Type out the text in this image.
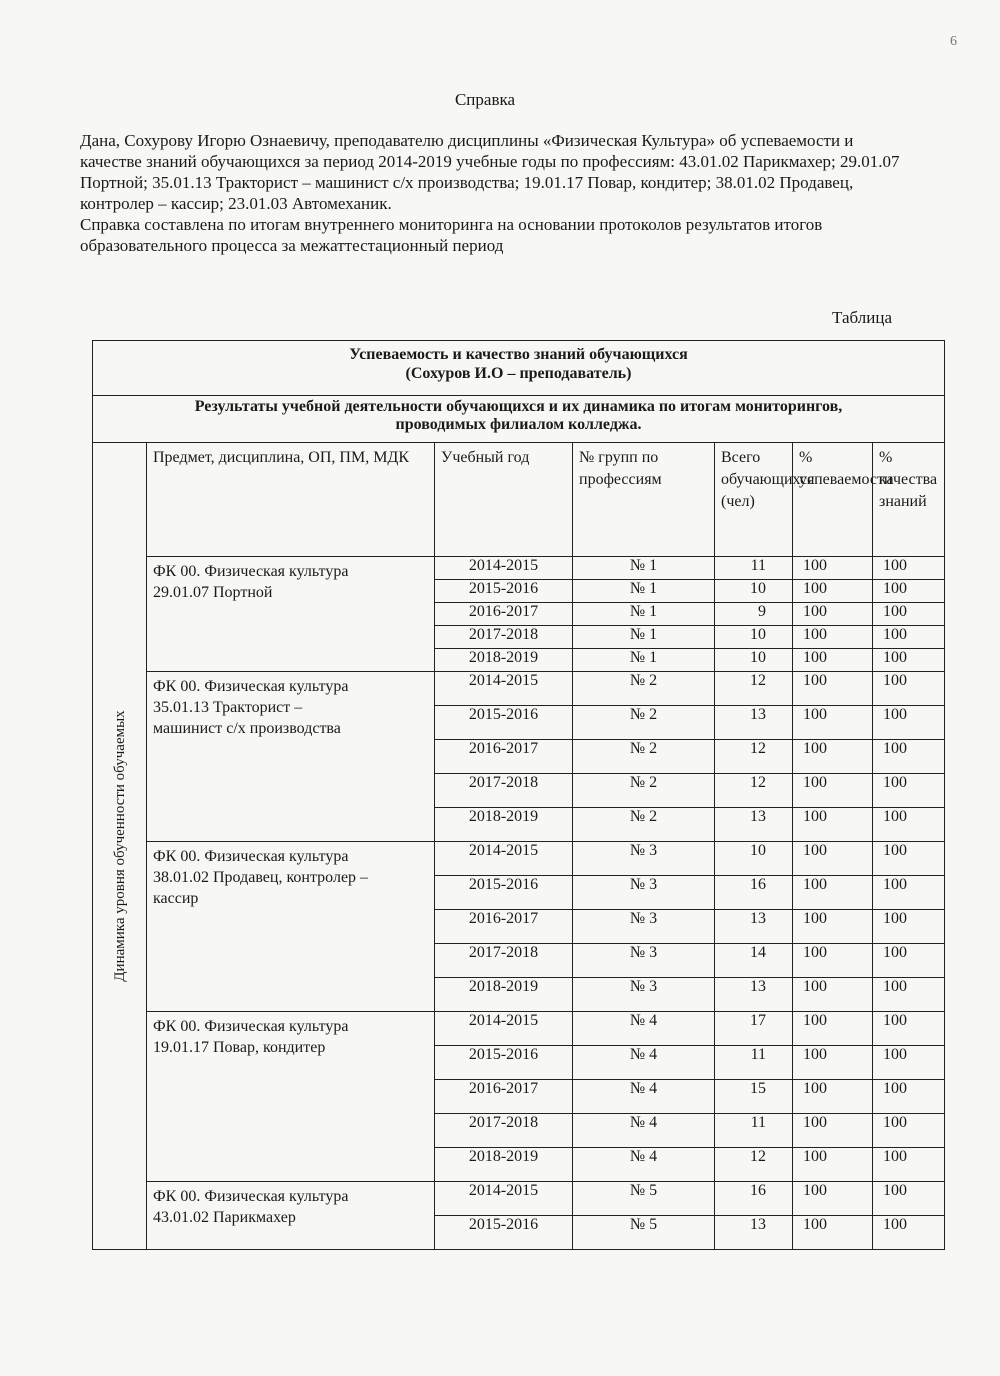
6
Справка

Дана, Сохурову Игорю Oзнаевичу, преподавателю дисциплины «Физическая Культура» об успеваемости и качестве знаний обучающихся за период 2014-2019 учебные годы по профессиям: 43.01.02 Парикмахер; 29.01.07 Портной; 35.01.13 Тракторист – машинист с/х производства; 19.01.17 Повар, кондитер; 38.01.02 Продавец, контролер – кассир; 23.01.03 Автомеханик.

Справка составлена по итогам внутреннего мониторинга на основании протоколов результатов итогов образовательного процесса за межаттестационный период

Таблица
Успеваемость и качество знаний обучающихся
(Сохуров И.О – преподаватель)						

Результаты учебной деятельности обучающихся и их динамика по итогам мониторингов,
проводимых филиалом колледжа.						

Динамика уровня обученности обучаемых	Предмет, дисциплина, ОП, ПМ, МДК	Учебный год	№ групп по профессиям	Всего обучающихся (чел)	% успеваемости	% качества знаний

	ФК 00. Физическая культура
29.01.07 Портной	2014-2015	№ 1	11	100	100
		2015-2016	№ 1	10	100	100
		2016-2017	№ 1	9	100	100
		2017-2018	№ 1	10	100	100
		2018-2019	№ 1	10	100	100

	ФК 00. Физическая культура
35.01.13 Тракторист –
машинист с/х производства	2014-2015	№ 2	12	100	100
		2015-2016	№ 2	13	100	100
		2016-2017	№ 2	12	100	100
		2017-2018	№ 2	12	100	100
		2018-2019	№ 2	13	100	100

	ФК 00. Физическая культура
38.01.02 Продавец, контролер –
кассир	2014-2015	№ 3	10	100	100
		2015-2016	№ 3	16	100	100
		2016-2017	№ 3	13	100	100
		2017-2018	№ 3	14	100	100
		2018-2019	№ 3	13	100	100

	ФК 00. Физическая культура
19.01.17 Повар, кондитер	2014-2015	№ 4	17	100	100
		2015-2016	№ 4	11	100	100
		2016-2017	№ 4	15	100	100
		2017-2018	№ 4	11	100	100
		2018-2019	№ 4	12	100	100

	ФК 00. Физическая культура
43.01.02 Парикмахер	2014-2015	№ 5	16	100	100
		2015-2016	№ 5	13	100	100
